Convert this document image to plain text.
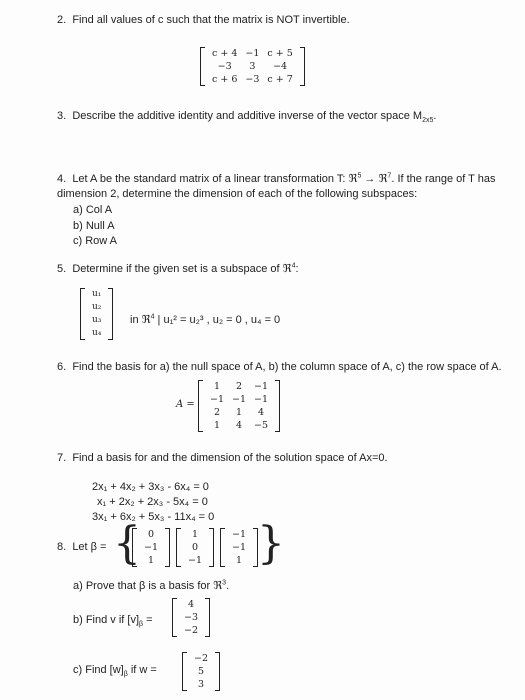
2. Find all values of c such that the matrix is NOT invertible.
c + 4	−1	c + 5
−3	3	−4
c + 6	−3	c + 7
3. Describe the additive identity and additive inverse of the vector space $M_{2x5}$.
4. Let A be the standard matrix of a linear transformation T: ℜ$^5$ → ℜ$^7$. If the range of T has
dimension 2, determine the dimension of each of the following subspaces:
a) Col A
b) Null A
c) Row A
5. Determine if the given set is a subspace of ℜ$^4$:
u₁
u₂
u₃
u₄
in ℜ$^4$ | u₁² = u₂³ , u₂ = 0 , u₄ = 0
6. Find the basis for a) the null space of A, b) the column space of A, c) the row space of A.
A =
1	2	−1
−1	−1	−1
2	1	4
1	4	−5
7. Find a basis for and the dimension of the solution space of Ax=0.
2x₁ + 4x₂ + 3x₃ - 6x₄ = 0
x₁ + 2x₂ + 2x₃ - 5x₄ = 0
3x₁ + 6x₂ + 5x₃ - 11x₄ = 0
8. Let β = { 0
−1
1 ,
1
0
−1 ,
−1
−1
1 }
a) Prove that β is a basis for ℜ$^3$.
b) Find v if $[v]_\beta$ =
4
−3
−2
c) Find $[w]_\beta$ if w =
−2
5
3
